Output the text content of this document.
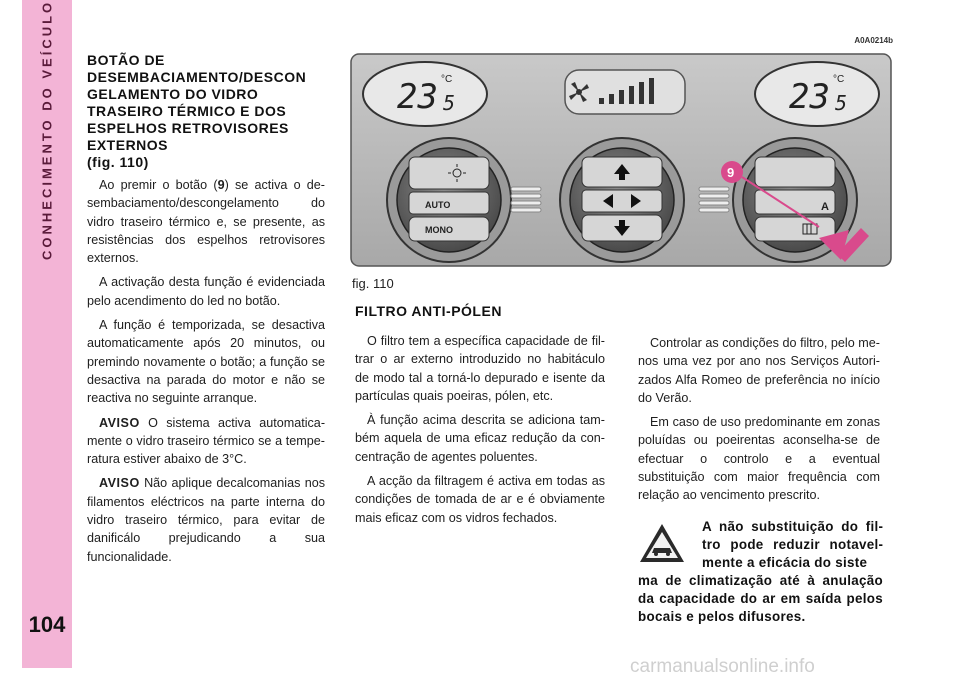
CONHECIMENTO DO VEÍCULO
104
BOTÃO DE DESEMBACIAMENTO/DESCON GELAMENTO DO VIDRO TRASEIRO TÉRMICO E DOS ESPELHOS RETROVISORES EXTERNOS
(fig. 110)
Ao premir o botão (9) se activa o desembaciamento/descongelamento do vidro traseiro térmico e, se presente, as resistências dos espelhos retrovisores externos.
A activação desta função é evidenciada pelo acendimento do led no botão.
A função é temporizada, se desactiva automaticamente após 20 minutos, ou premindo novamente o botão; a função se desactiva na parada do motor e não se reactiva no seguinte arranque.
AVISO O sistema activa automaticamente o vidro traseiro térmico se a temperatura estiver abaixo de 3°C.
AVISO Não aplique decalcomanias nos filamentos eléctricos na parte interna do vidro traseiro térmico, para evitar de danificálo prejudicando a sua funcionalidade.
A0A0214b
23 5
°C	23 5
°C
AUTO
MONO
A
9
fig. 110
FILTRO ANTI-PÓLEN
O filtro tem a específica capacidade de filtrar o ar externo introduzido no habitáculo de modo tal a torná-lo depurado e isente da partículas quais poeiras, pólen, etc.
À função acima descrita se adiciona também aquela de uma eficaz redução da concentração de agentes poluentes.
A acção da filtragem é activa em todas as condições de tomada de ar e é obviamente mais eficaz com os vidros fechados.
Controlar as condições do filtro, pelo menos uma vez por ano nos Serviços Autorizados Alfa Romeo de preferência no início do Verão.
Em caso de uso predominante em zonas poluídas ou poeirentas aconselha-se de efectuar o controlo e a eventual substituição com maior frequência com relação ao vencimento prescrito.
A não substituição do filtro pode reduzir notavelmente a eficácia do siste
ma de climatização até à anulação da capacidade do ar em saída pelos bocais e pelos difusores.
carmanualsonline.info
